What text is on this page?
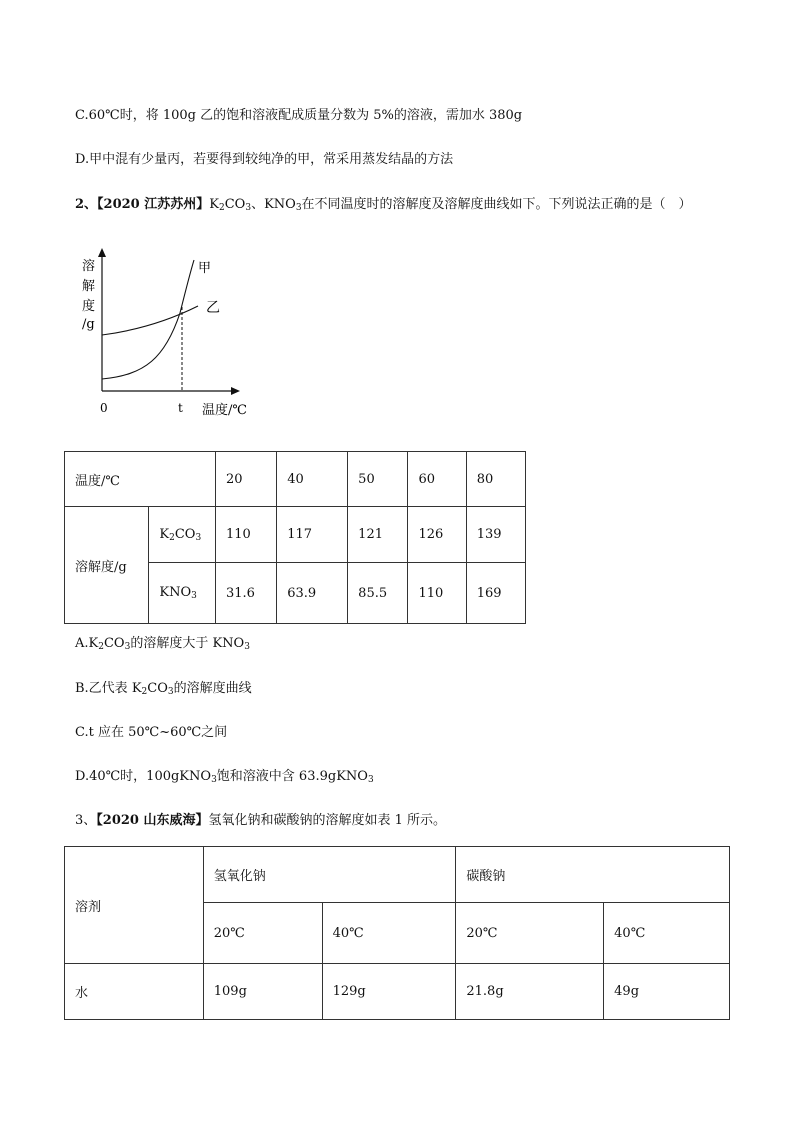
C.60℃时，将 100g 乙的饱和溶液配成质量分数为 5%的溶液，需加水 380g
D.甲中混有少量丙，若要得到较纯净的甲，常采用蒸发结晶的方法
2、【2020 江苏苏州】$K_2CO_3$、$KNO_3$在不同温度时的溶解度及溶解度曲线如下。下列说法正确的是（　）
溶
解
度
/g
甲
乙
0	t 温度/℃
温度/℃		20	40	50	60	80
溶解度/g	$K_2CO_3$	110	117	121	126	139
	$KNO_3$	31.6	63.9	85.5	110	169
$A.K_2CO_3$的溶解度大于 $KNO_3$
B.乙代表 $K_2CO_3$的溶解度曲线
C.t 应在 50℃~60℃之间
D.40℃时，100gKNO$_3$饱和溶液中含 63.9gKNO$_3$
3、【2020 山东威海】氢氧化钠和碳酸钠的溶解度如表 1 所示。
溶剂	氢氧化钠		碳酸钠	
	20℃	40℃	20℃	40℃
水	109g	129g	21.8g	49g
